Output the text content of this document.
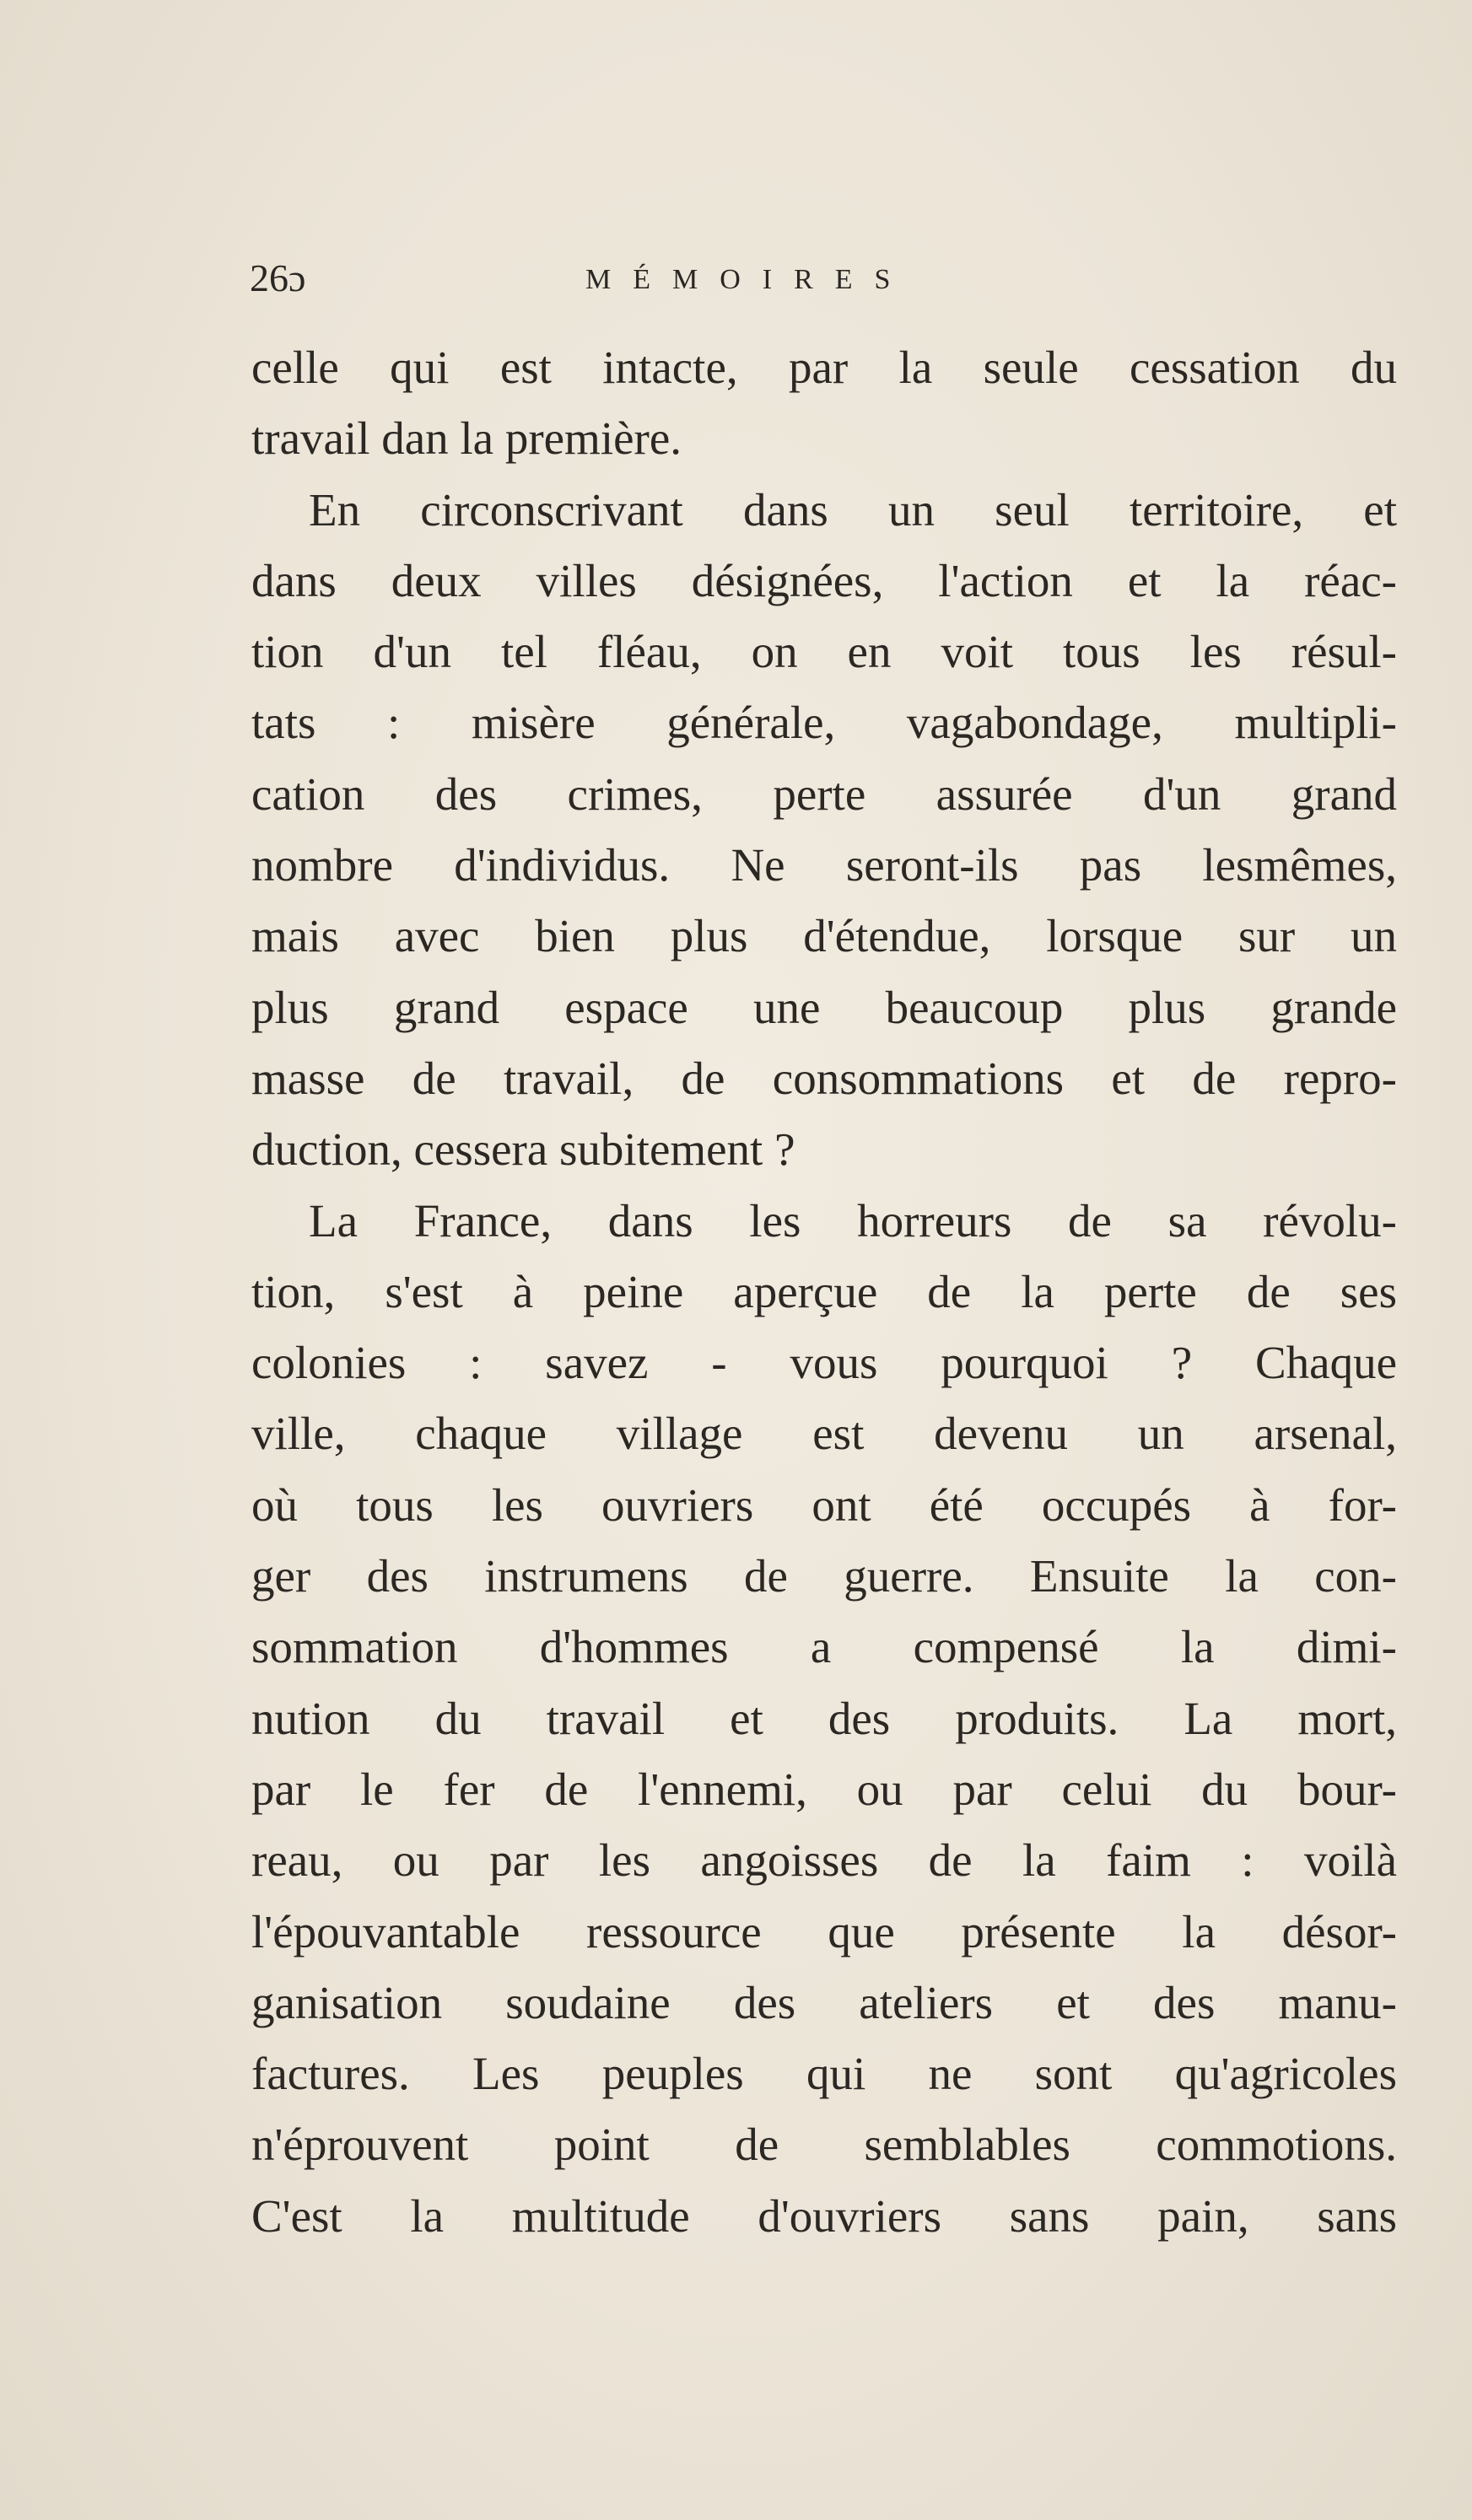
26ɔ	MÉMOIRES
celle qui est intacte, par la seule cessation du
travail dan la première.
En circonscrivant dans un seul territoire, et
dans deux villes désignées, l'action et la réac-
tion d'un tel fléau, on en voit tous les résul-
tats : misère générale, vagabondage, multipli-
cation des crimes, perte assurée d'un grand
nombre d'individus. Ne seront-ils pas lesmêmes,
mais avec bien plus d'étendue, lorsque sur un
plus grand espace une beaucoup plus grande
masse de travail, de consommations et de repro-
duction, cessera subitement ?
La France, dans les horreurs de sa révolu-
tion, s'est à peine aperçue de la perte de ses
colonies : savez - vous pourquoi ? Chaque
ville, chaque village est devenu un arsenal,
où tous les ouvriers ont été occupés à for-
ger des instrumens de guerre. Ensuite la con-
sommation d'hommes a compensé la dimi-
nution du travail et des produits. La mort,
par le fer de l'ennemi, ou par celui du bour-
reau, ou par les angoisses de la faim : voilà
l'épouvantable ressource que présente la désor-
ganisation soudaine des ateliers et des manu-
factures. Les peuples qui ne sont qu'agricoles
n'éprouvent point de semblables commotions.
C'est la multitude d'ouvriers sans pain, sans
